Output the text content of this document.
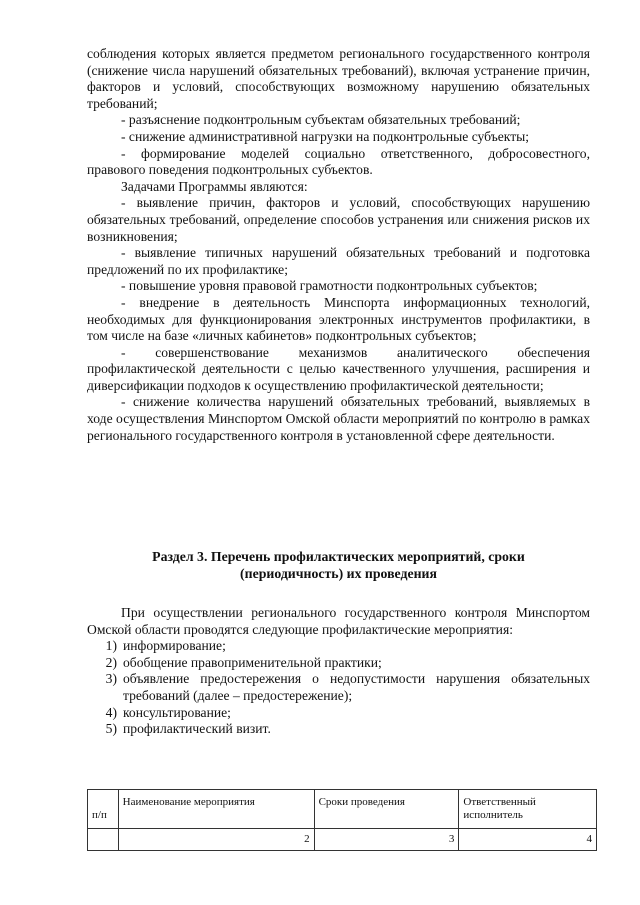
соблюдения которых является предметом регионального государственного контроля (снижение числа нарушений обязательных требований), включая устранение причин, факторов и условий, способствующих возможному нарушению обязательных требований;

- разъяснение подконтрольным субъектам обязательных требований;

- снижение административной нагрузки на подконтрольные субъекты;

- формирование моделей социально ответственного, добросовестного, правового поведения подконтрольных субъектов.

Задачами Программы являются:

- выявление причин, факторов и условий, способствующих нарушению обязательных требований, определение способов устранения или снижения рисков их возникновения;

- выявление типичных нарушений обязательных требований и подготовка предложений по их профилактике;

- повышение уровня правовой грамотности подконтрольных субъектов;

- внедрение в деятельность Минспорта информационных технологий, необходимых для функционирования электронных инструментов профилактики, в том числе на базе «личных кабинетов» подконтрольных субъектов;

- совершенствование механизмов аналитического обеспечения профилактической деятельности с целью качественного улучшения, расширения и диверсификации подходов к осуществлению профилактической деятельности;

- снижение количества нарушений обязательных требований, выявляемых в ходе осуществления Минспортом Омской области мероприятий по контролю в рамках регионального государственного контроля в установленной сфере деятельности.

Раздел 3. Перечень профилактических мероприятий, сроки
(периодичность) их проведения

При осуществлении регионального государственного контроля Минспортом Омской области проводятся следующие профилактические мероприятия:

1) информирование;
2) обобщение правоприменительной практики;
3) объявление предостережения о недопустимости нарушения обязательных требований (далее – предостережение);
4) консультирование;
5) профилактический визит.
п/п	Наименование мероприятия	Сроки проведения	Ответственный исполнитель
	2	3	4
